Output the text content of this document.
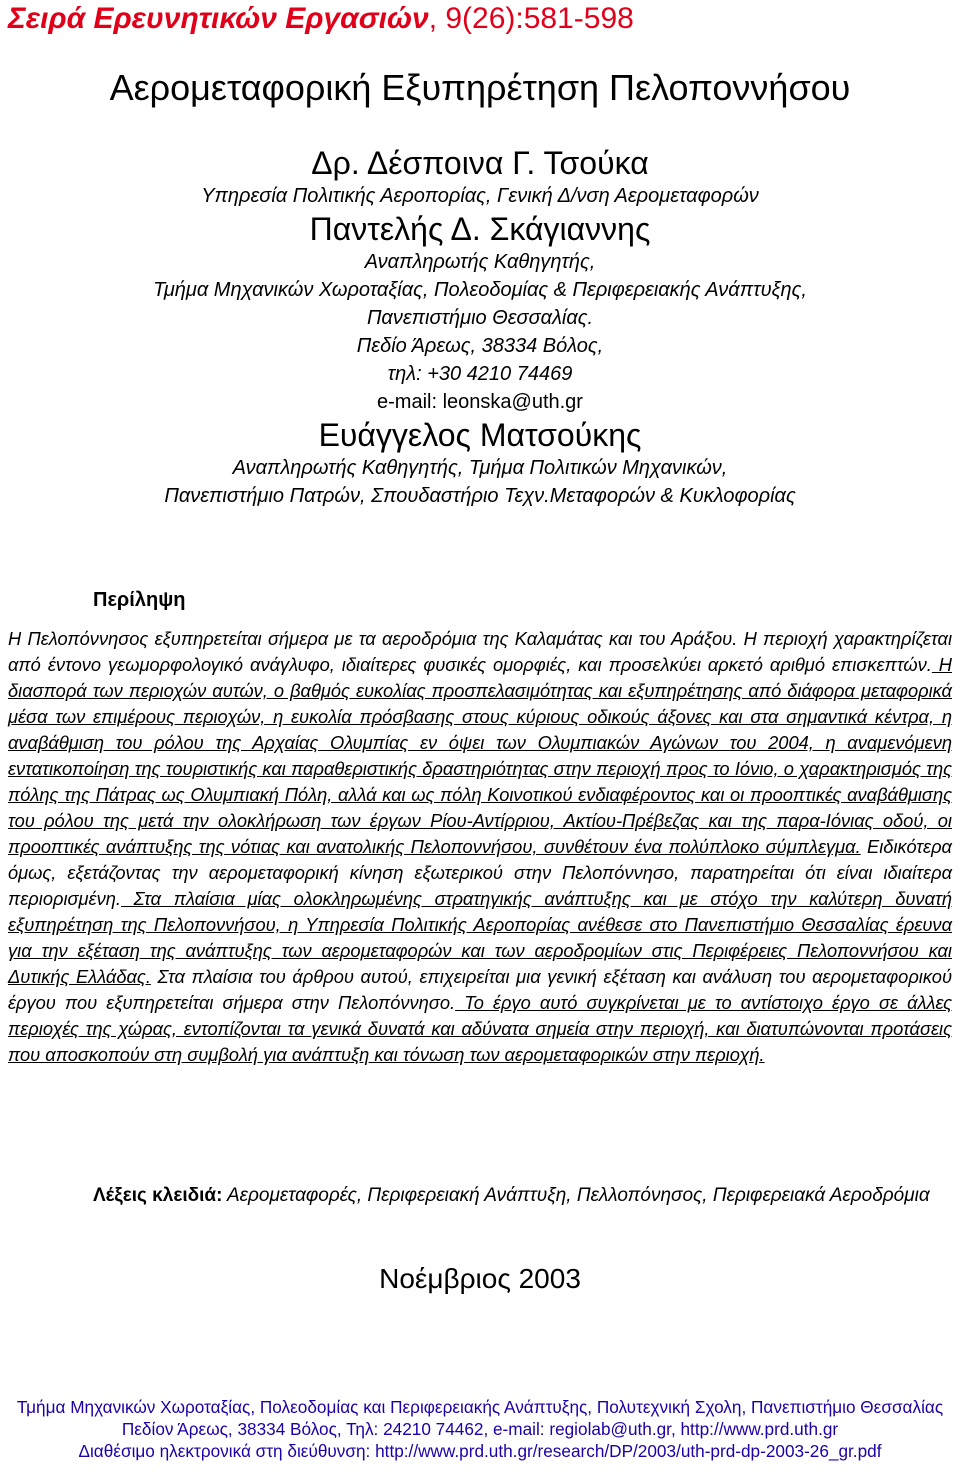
Σειρά Ερευνητικών Εργασιών, 9(26):581-598
Αερομεταφορική Εξυπηρέτηση Πελοποννήσου
Δρ. Δέσποινα Γ. Τσούκα
Υπηρεσία Πολιτικής Αεροπορίας, Γενική Δ/νση Αερομεταφορών
Παντελής Δ. Σκάγιαννης
Αναπληρωτής Καθηγητής,
Τμήμα Μηχανικών Χωροταξίας, Πολεοδομίας & Περιφερειακής Ανάπτυξης,
Πανεπιστήμιο Θεσσαλίας.
Πεδίο Άρεως, 38334 Βόλος,
τηλ: +30 4210 74469
e-mail: leonska@uth.gr
Ευάγγελος Ματσούκης
Αναπληρωτής Καθηγητής, Τμήμα Πολιτικών Μηχανικών,
Πανεπιστήμιο Πατρών, Σπουδαστήριο Τεχν.Μεταφορών & Κυκλοφορίας
Περίληψη
Η Πελοπόννησος εξυπηρετείται σήμερα με τα αεροδρόμια της Καλαμάτας και του Αράξου. Η περιοχή χαρακτηρίζεται από έντονο γεωμορφολογικό ανάγλυφο, ιδιαίτερες φυσικές ομορφιές, και προσελκύει αρκετό αριθμό επισκεπτών. Η διασπορά των περιοχών αυτών, ο βαθμός ευκολίας προσπελασιμότητας και εξυπηρέτησης από διάφορα μεταφορικά μέσα των επιμέρους περιοχών, η ευκολία πρόσβασης στους κύριους οδικούς άξονες και στα σημαντικά κέντρα, η αναβάθμιση του ρόλου της Αρχαίας Ολυμπίας εν όψει των Ολυμπιακών Αγώνων του 2004, η αναμενόμενη εντατικοποίηση της τουριστικής και παραθεριστικής δραστηριότητας στην περιοχή προς το Ιόνιο, ο χαρακτηρισμός της πόλης της Πάτρας ως Ολυμπιακή Πόλη, αλλά και ως πόλη Κοινοτικού ενδιαφέροντος και οι προοπτικές αναβάθμισης του ρόλου της μετά την ολοκλήρωση των έργων Ρίου-Αντίρριου, Ακτίου-Πρέβεζας και της παρα-Ιόνιας οδού, οι προοπτικές ανάπτυξης της νότιας και ανατολικής Πελοποννήσου, συνθέτουν ένα πολύπλοκο σύμπλεγμα. Ειδικότερα όμως, εξετάζοντας την αερομεταφορική κίνηση εξωτερικού στην Πελοπόννησο, παρατηρείται ότι είναι ιδιαίτερα περιορισμένη. Στα πλαίσια μίας ολοκληρωμένης στρατηγικής ανάπτυξης και με στόχο την καλύτερη δυνατή εξυπηρέτηση της Πελοποννήσου, η Υπηρεσία Πολιτικής Αεροπορίας ανέθεσε στο Πανεπιστήμιο Θεσσαλίας έρευνα για την εξέταση της ανάπτυξης των αερομεταφορών και των αεροδρομίων στις Περιφέρειες Πελοποννήσου και Δυτικής Ελλάδας. Στα πλαίσια του άρθρου αυτού, επιχειρείται μια γενική εξέταση και ανάλυση του αερομεταφορικού έργου που εξυπηρετείται σήμερα στην Πελοπόννησο. Το έργο αυτό συγκρίνεται με το αντίστοιχο έργο σε άλλες περιοχές της χώρας, εντοπίζονται τα γενικά δυνατά και αδύνατα σημεία στην περιοχή, και διατυπώνονται προτάσεις που αποσκοπούν στη συμβολή για ανάπτυξη και τόνωση των αερομεταφορικών στην περιοχή.
Λέξεις κλειδιά: Αερομεταφορές, Περιφερειακή Ανάπτυξη, Πελλοπόνησος, Περιφερειακά Αεροδρόμια
Νοέμβριος 2003
Τμήμα Μηχανικών Χωροταξίας, Πολεοδομίας και Περιφερειακής Ανάπτυξης, Πολυτεχνική Σχολη, Πανεπιστήμιο Θεσσαλίας
Πεδίον Άρεως, 38334 Βόλος, Τηλ: 24210 74462, e-mail: regiolab@uth.gr, http://www.prd.uth.gr
Διαθέσιμο ηλεκτρονικά στη διεύθυνση: http://www.prd.uth.gr/research/DP/2003/uth-prd-dp-2003-26_gr.pdf
